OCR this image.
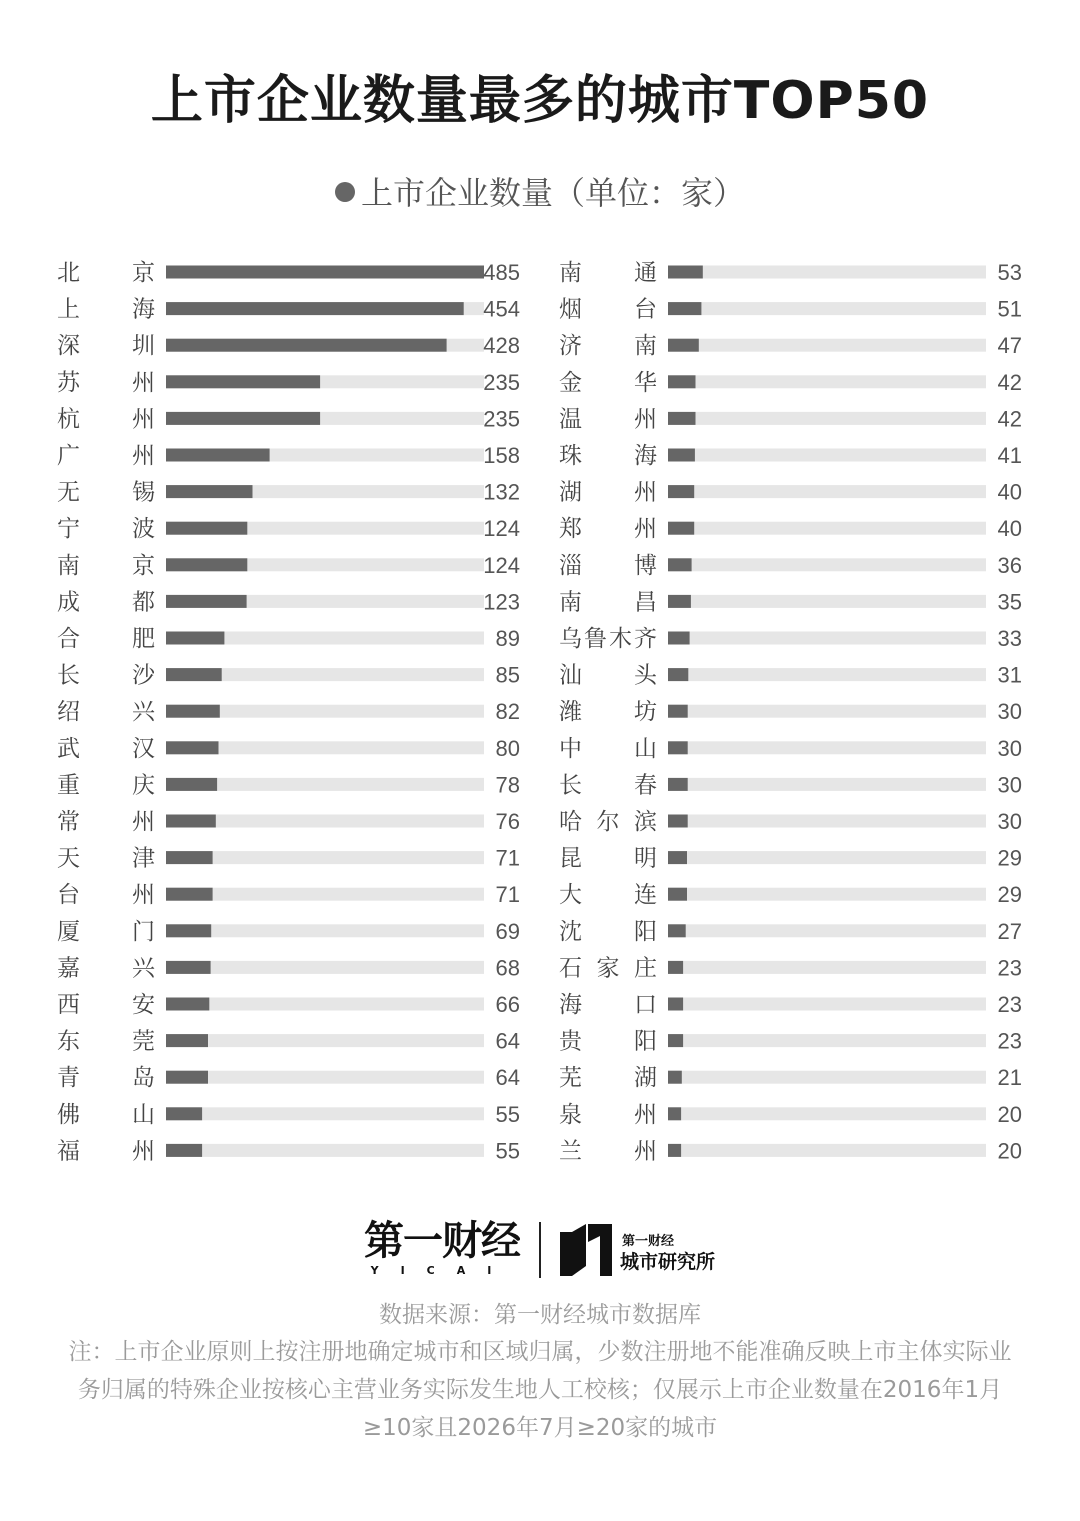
上市企业数量最多的城市TOP50
上市企业数量（单位：家）
北京	485
上海	454
深圳	428
苏州	235
杭州	235
广州	158
无锡	132
宁波	124
南京	124
成都	123
合肥	89
长沙	85
绍兴	82
武汉	80
重庆	78
常州	76
天津	71
台州	71
厦门	69
嘉兴	68
西安	66
东莞	64
青岛	64
佛山	55
福州	55
南通	53
烟台	51
济南	47
金华	42
温州	42
珠海	41
湖州	40
郑州	40
淄博	36
南昌	35
乌鲁木齐	33
汕头	31
潍坊	30
中山	30
长春	30
哈尔滨	30
昆明	29
大连	29
沈阳	27
石家庄	23
海口	23
贵阳	23
芜湖	21
泉州	20
兰州	20
第一财经
YICAI
第一财经
城市研究所
数据来源：第一财经城市数据库
注：上市企业原则上按注册地确定城市和区域归属，少数注册地不能准确反映上市主体实际业务归属的特殊企业按核心主营业务实际发生地人工校核；仅展示上市企业数量在2016年1月≥10家且2026年7月≥20家的城市
